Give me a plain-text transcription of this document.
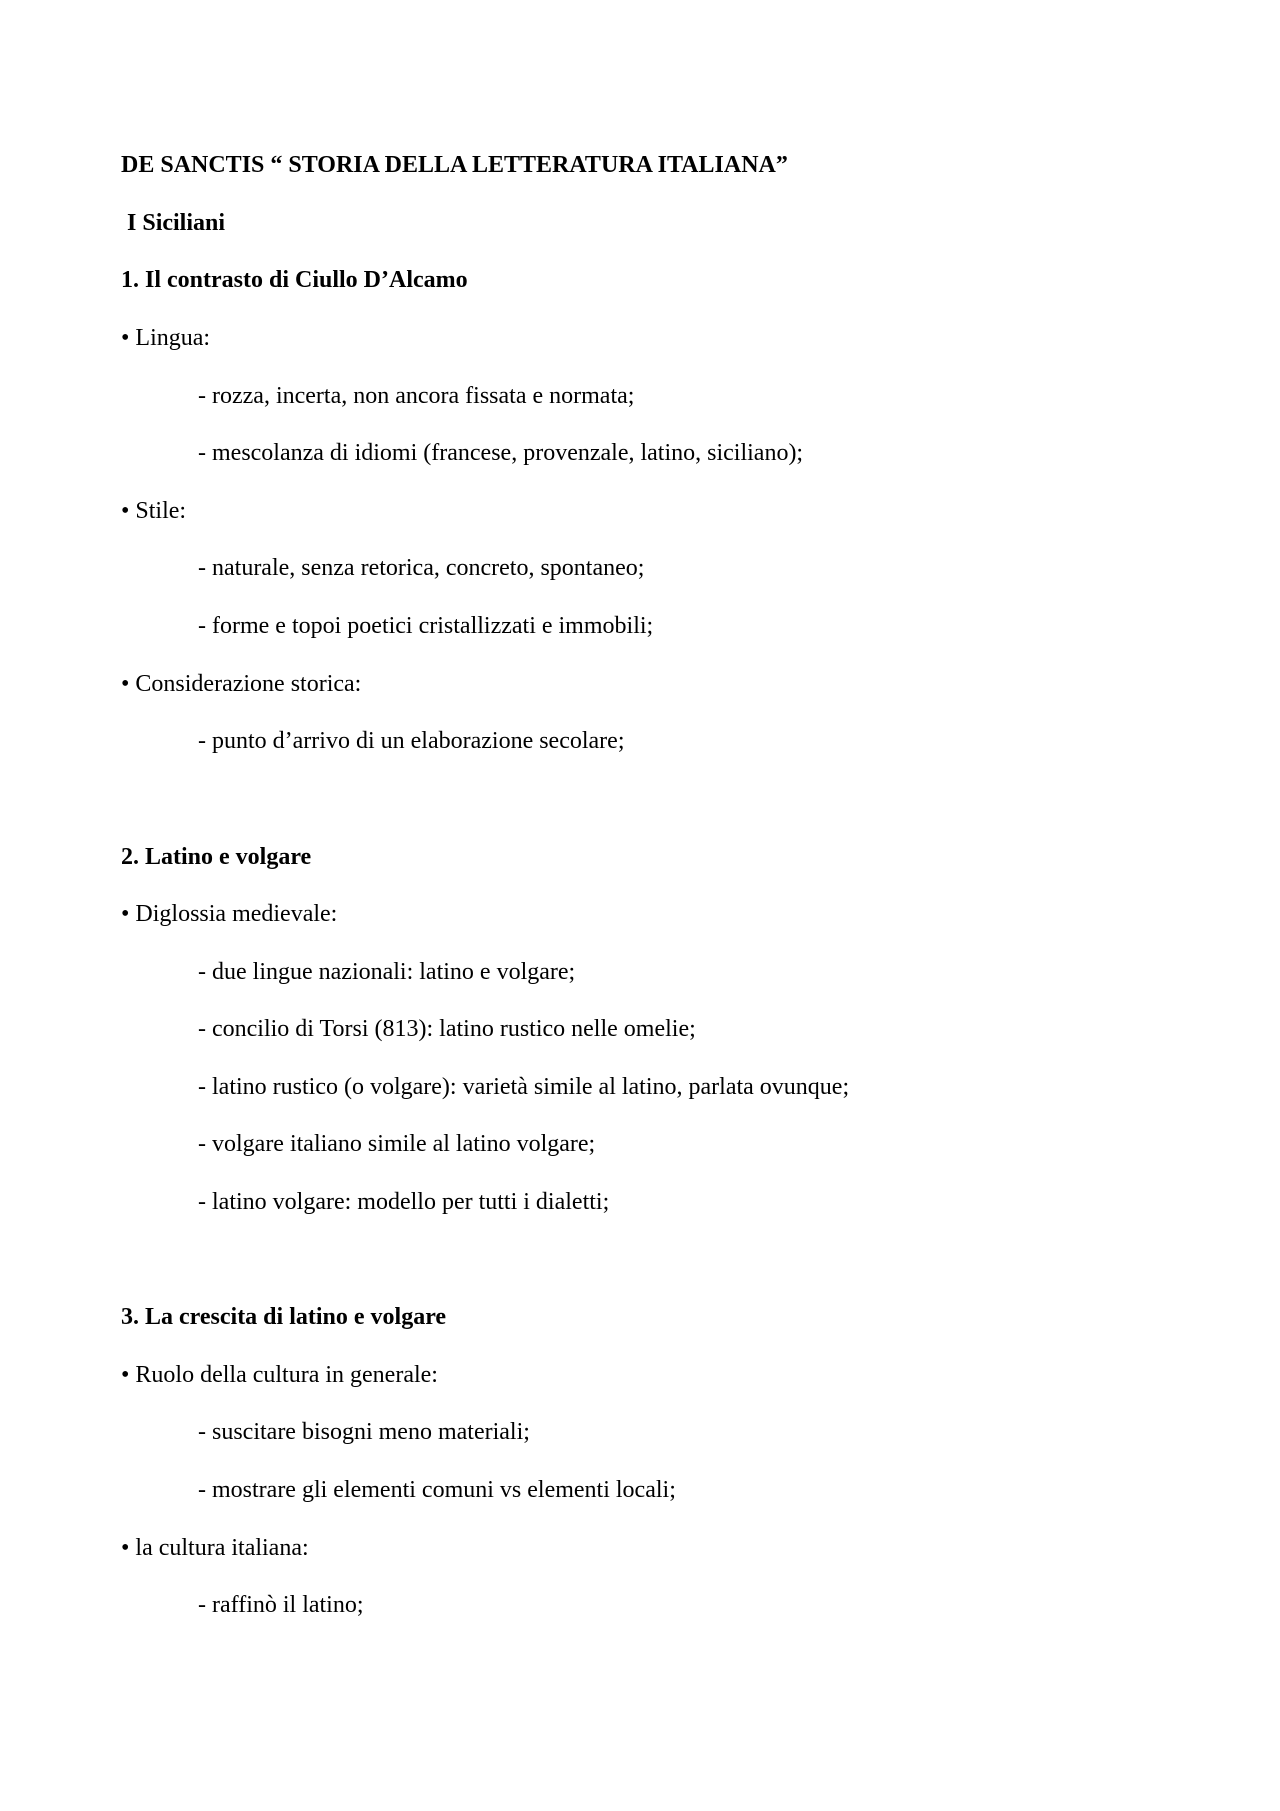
DE SANCTIS “ STORIA DELLA LETTERATURA ITALIANA”
I Siciliani
1. Il contrasto di Ciullo D’Alcamo
• Lingua:
- rozza, incerta, non ancora fissata e normata;
- mescolanza di idiomi (francese, provenzale, latino, siciliano);
• Stile:
- naturale, senza retorica, concreto, spontaneo;
- forme e topoi poetici cristallizzati e immobili;
• Considerazione storica:
- punto d’arrivo di un elaborazione secolare;
2. Latino e volgare
• Diglossia medievale:
- due lingue nazionali: latino e volgare;
- concilio di Torsi (813): latino rustico nelle omelie;
- latino rustico (o volgare): varietà simile al latino, parlata ovunque;
- volgare italiano simile al latino volgare;
- latino volgare: modello per tutti i dialetti;
3. La crescita di latino e volgare
• Ruolo della cultura in generale:
- suscitare bisogni meno materiali;
- mostrare gli elementi comuni vs elementi locali;
• la cultura italiana:
- raffinò il latino;
